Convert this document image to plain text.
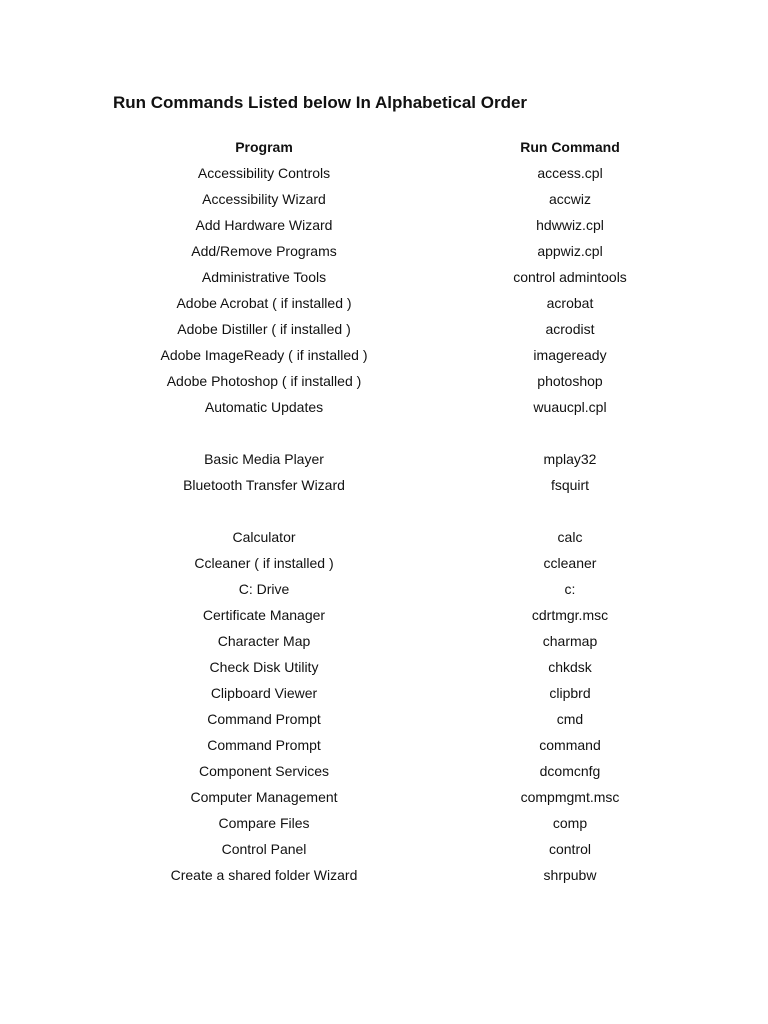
Run Commands Listed below In Alphabetical Order
Program	Run Command
Accessibility Controls	access.cpl
Accessibility Wizard	accwiz
Add Hardware Wizard	hdwwiz.cpl
Add/Remove Programs	appwiz.cpl
Administrative Tools	control admintools
Adobe Acrobat ( if installed )	acrobat
Adobe Distiller ( if installed )	acrodist
Adobe ImageReady ( if installed )	imageready
Adobe Photoshop ( if installed )	photoshop
Automatic Updates	wuaucpl.cpl
Basic Media Player	mplay32
Bluetooth Transfer Wizard	fsquirt
Calculator	calc
Ccleaner ( if installed )	ccleaner
C: Drive	c:
Certificate Manager	cdrtmgr.msc
Character Map	charmap
Check Disk Utility	chkdsk
Clipboard Viewer	clipbrd
Command Prompt	cmd
Command Prompt	command
Component Services	dcomcnfg
Computer Management	compmgmt.msc
Compare Files	comp
Control Panel	control
Create a shared folder Wizard	shrpubw
